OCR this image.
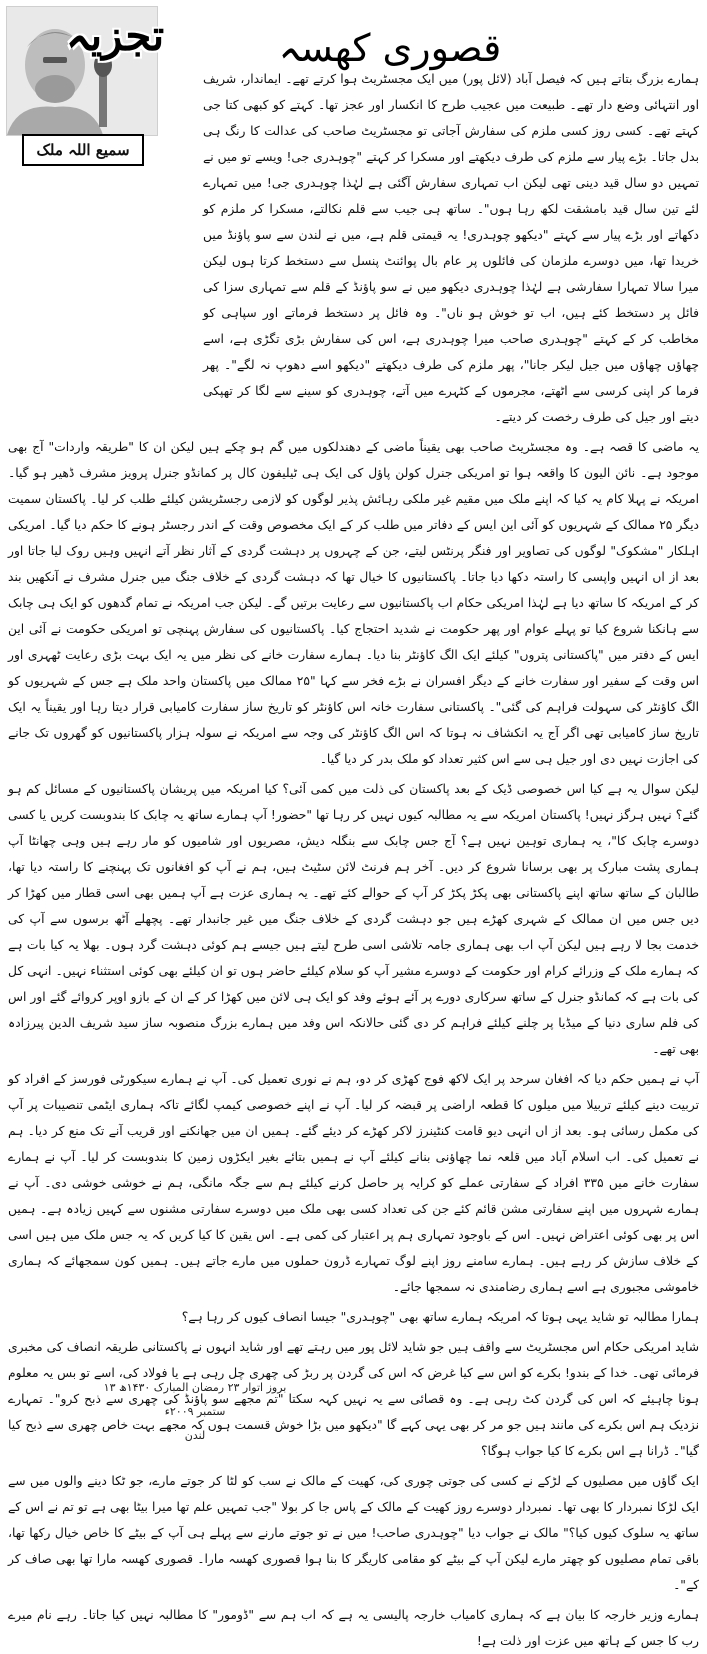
تجزیہ
سمیع اللہ ملک
قصوری کھسہ

ہمارے بزرگ بتاتے ہیں کہ فیصل آباد (لائل پور) میں ایک مجسٹریٹ ہوا کرتے تھے۔ ایماندار، شریف اور انتہائی وضع دار تھے۔ طبیعت میں عجیب طرح کا انکسار اور عجز تھا۔ کہتے کو کبھی کتا جی کہتے تھے۔ کسی روز کسی ملزم کی سفارش آجاتی تو مجسٹریٹ صاحب کی عدالت کا رنگ ہی بدل جاتا۔ بڑے پیار سے ملزم کی طرف دیکھتے اور مسکرا کر کہتے "چوہدری جی! ویسے تو میں نے تمہیں دو سال قید دینی تھی لیکن اب تمہاری سفارش آگئی ہے لہٰذا چوہدری جی! میں تمہارے لئے تین سال قید بامشقت لکھ رہا ہوں"۔ ساتھ ہی جیب سے قلم نکالتے، مسکرا کر ملزم کو دکھاتے اور بڑے پیار سے کہتے "دیکھو چوہدری! یہ قیمتی قلم ہے، میں نے لندن سے سو پاؤنڈ میں خریدا تھا، میں دوسرے ملزمان کی فائلوں پر عام بال پوائنٹ پنسل سے دستخط کرتا ہوں لیکن میرا سالا تمہارا سفارشی ہے لہٰذا چوہدری دیکھو میں نے سو پاؤنڈ کے قلم سے تمہاری سزا کی فائل پر دستخط کئے ہیں، اب تو خوش ہو ناں"۔ وہ فائل پر دستخط فرماتے اور سپاہی کو مخاطب کر کے کہتے "چوہدری صاحب میرا چوہدری ہے، اس کی سفارش بڑی تگڑی ہے، اسے چھاؤں چھاؤں میں جیل لیکر جانا"، پھر ملزم کی طرف دیکھتے "دیکھو اسے دھوپ نہ لگے"۔ پھر فرما کر اپنی کرسی سے اٹھتے، مجرموں کے کٹہرے میں آتے، چوہدری کو سینے سے لگا کر تھپکی دیتے اور جیل کی طرف رخصت کر دیتے۔

یہ ماضی کا قصہ ہے۔ وہ مجسٹریٹ صاحب بھی یقیناً ماضی کے دھندلکوں میں گم ہو چکے ہیں لیکن ان کا "طریقہ واردات" آج بھی موجود ہے۔ نائن الیون کا واقعہ ہوا تو امریکی جنرل کولن پاؤل کی ایک ہی ٹیلیفون کال پر کمانڈو جنرل پرویز مشرف ڈھیر ہو گیا۔ امریکہ نے پہلا کام یہ کیا کہ اپنے ملک میں مقیم غیر ملکی رہائش پذیر لوگوں کو لازمی رجسٹریشن کیلئے طلب کر لیا۔ پاکستان سمیت دیگر ۲۵ ممالک کے شہریوں کو آئی این ایس کے دفاتر میں طلب کر کے ایک مخصوص وقت کے اندر رجسٹر ہونے کا حکم دیا گیا۔ امریکی اہلکار "مشکوک" لوگوں کی تصاویر اور فنگر پرنٹس لیتے، جن کے چہروں پر دہشت گردی کے آثار نظر آتے انہیں وہیں روک لیا جاتا اور بعد از اں انہیں واپسی کا راستہ دکھا دیا جاتا۔ پاکستانیوں کا خیال تھا کہ دہشت گردی کے خلاف جنگ میں جنرل مشرف نے آنکھیں بند کر کے امریکہ کا ساتھ دیا ہے لہٰذا امریکی حکام اب پاکستانیوں سے رعایت برتیں گے۔ لیکن جب امریکہ نے تمام گدھوں کو ایک ہی چابک سے ہانکنا شروع کیا تو پہلے عوام اور پھر حکومت نے شدید احتجاج کیا۔ پاکستانیوں کی سفارش پہنچی تو امریکی حکومت نے آئی این ایس کے دفتر میں "پاکستانی پتروں" کیلئے ایک الگ کاؤنٹر بنا دیا۔ ہمارے سفارت خانے کی نظر میں یہ ایک بہت بڑی رعایت ٹھہری اور اس وقت کے سفیر اور سفارت خانے کے دیگر افسران نے بڑے فخر سے کہا "۲۵ ممالک میں پاکستان واحد ملک ہے جس کے شہریوں کو الگ کاؤنٹر کی سہولت فراہم کی گئی"۔ پاکستانی سفارت خانہ اس کاؤنٹر کو تاریخ ساز سفارت کامیابی قرار دیتا رہا اور یقیناً یہ ایک تاریخ ساز کامیابی تھی اگر آج یہ انکشاف نہ ہوتا کہ اس الگ کاؤنٹر کی وجہ سے امریکہ نے سولہ ہزار پاکستانیوں کو گھروں تک جانے کی اجازت نہیں دی اور جیل ہی سے اس کثیر تعداد کو ملک بدر کر دیا گیا۔

لیکن سوال یہ ہے کیا اس خصوصی ڈیک کے بعد پاکستان کی ذلت میں کمی آئی؟ کیا امریکہ میں پریشان پاکستانیوں کے مسائل کم ہو گئے؟ نہیں ہرگز نہیں! پاکستان امریکہ سے یہ مطالبہ کیوں نہیں کر رہا تھا "حضور! آپ ہمارے ساتھ یہ چابک کا بندوبست کریں یا کسی دوسرے چابک کا"، یہ ہماری توہین نہیں ہے؟ آج جس چابک سے بنگلہ دیش، مصریوں اور شامیوں کو مار رہے ہیں وہی چھانٹا آپ ہماری پشت مبارک پر بھی برسانا شروع کر دیں۔ آخر ہم فرنٹ لائن سٹیٹ ہیں، ہم نے آپ کو افغانوں تک پہنچنے کا راستہ دیا تھا، طالبان کے ساتھ ساتھ اپنے پاکستانی بھی پکڑ پکڑ کر آپ کے حوالے کئے تھے۔ یہ ہماری عزت ہے آپ ہمیں بھی اسی قطار میں کھڑا کر دیں جس میں ان ممالک کے شہری کھڑے ہیں جو دہشت گردی کے خلاف جنگ میں غیر جانبدار تھے۔ پچھلے آٹھ برسوں سے آپ کی خدمت بجا لا رہے ہیں لیکن آپ اب بھی ہماری جامہ تلاشی اسی طرح لیتے ہیں جیسے ہم کوئی دہشت گرد ہوں۔ بھلا یہ کیا بات ہے کہ ہمارے ملک کے وزرائے کرام اور حکومت کے دوسرے مشیر آپ کو سلام کیلئے حاضر ہوں تو ان کیلئے بھی کوئی استثناء نہیں۔ انہی کل کی بات ہے کہ کمانڈو جنرل کے ساتھ سرکاری دورے پر آئے ہوئے وفد کو ایک ہی لائن میں کھڑا کر کے ان کے بازو اوپر کروائے گئے اور اس کی فلم ساری دنیا کے میڈیا پر چلنے کیلئے فراہم کر دی گئی حالانکہ اس وفد میں ہمارے بزرگ منصوبہ ساز سید شریف الدین پیرزادہ بھی تھے۔

آپ نے ہمیں حکم دیا کہ افغان سرحد پر ایک لاکھ فوج کھڑی کر دو، ہم نے نوری تعمیل کی۔ آپ نے ہمارے سیکورٹی فورسز کے افراد کو تربیت دینے کیلئے تربیلا میں میلوں کا قطعہ اراضی پر قبضہ کر لیا۔ آپ نے اپنے خصوصی کیمپ لگائے تاکہ ہماری ایٹمی تنصیبات پر آپ کی مکمل رسائی ہو۔ بعد از اں انہی دیو قامت کنٹینرز لاکر کھڑے کر دیئے گئے۔ ہمیں ان میں جھانکنے اور قریب آنے تک منع کر دیا۔ ہم نے تعمیل کی۔ اب اسلام آباد میں قلعہ نما چھاؤنی بنانے کیلئے آپ نے ہمیں بتائے بغیر ایکڑوں زمین کا بندوبست کر لیا۔ آپ نے ہمارے سفارت خانے میں ۳۳۵ افراد کے سفارتی عملے کو کرایہ پر حاصل کرنے کیلئے ہم سے جگہ مانگی، ہم نے خوشی خوشی دی۔ آپ نے ہمارے شہروں میں اپنے سفارتی مشن قائم کئے جن کی تعداد کسی بھی ملک میں دوسرے سفارتی مشنوں سے کہیں زیادہ ہے۔ ہمیں اس پر بھی کوئی اعتراض نہیں۔ اس کے باوجود تمہاری ہم پر اعتبار کی کمی ہے۔ اس یقین کا کیا کریں کہ یہ جس ملک میں ہیں اسی کے خلاف سازش کر رہے ہیں۔ ہمارے سامنے روز اپنے لوگ تمہارے ڈرون حملوں میں مارے جاتے ہیں۔ ہمیں کون سمجھائے کہ ہماری خاموشی مجبوری ہے اسے ہماری رضامندی نہ سمجھا جائے۔

ہمارا مطالبہ تو شاید یہی ہوتا کہ امریکہ ہمارے ساتھ بھی "چوہدری" جیسا انصاف کیوں کر رہا ہے؟

شاید امریکی حکام اس مجسٹریٹ سے واقف ہیں جو شاید لائل پور میں رہتے تھے اور شاید انہوں نے پاکستانی طریقہ انصاف کی مخبری فرمائی تھی۔ خدا کے بندو! بکرے کو اس سے کیا غرض کہ اس کی گردن پر ربڑ کی چھری چل رہی ہے یا فولاد کی، اسے تو بس یہ معلوم ہونا چاہیئے کہ اس کی گردن کٹ رہی ہے۔ وہ قصائی سے یہ نہیں کہہ سکتا "تم مجھے سو پاؤنڈ کی چھری سے ذبح کرو"۔ تمہارے نزدیک ہم اس بکرے کی مانند ہیں جو مر کر بھی یہی کہے گا "دیکھو میں بڑا خوش قسمت ہوں کہ مجھے بہت خاص چھری سے ذبح کیا گیا"۔ ڈرانا ہے اس بکرے کا کیا جواب ہوگا؟

ایک گاؤں میں مصلیوں کے لڑکے نے کسی کی جوتی چوری کی، کھیت کے مالک نے سب کو لٹا کر جوتے مارے، جو ٹکا دینے والوں میں سے ایک لڑکا نمبردار کا بھی تھا۔ نمبردار دوسرے روز کھیت کے مالک کے پاس جا کر بولا "جب تمہیں علم تھا میرا بیٹا بھی ہے تو تم نے اس کے ساتھ یہ سلوک کیوں کیا؟" مالک نے جواب دیا "چوہدری صاحب! میں نے تو جوتے مارنے سے پہلے ہی آپ کے بیٹے کا خاص خیال رکھا تھا، باقی تمام مصلیوں کو چھتر مارے لیکن آپ کے بیٹے کو مقامی کاریگر کا بنا ہوا قصوری کھسہ مارا۔ قصوری کھسہ مارا تھا بھی صاف کر کے"۔

ہمارے وزیر خارجہ کا بیان ہے کہ ہماری کامیاب خارجہ پالیسی یہ ہے کہ اب ہم سے "ڈومور" کا مطالبہ نہیں کیا جاتا۔ رہے نام میرے رب کا جس کے ہاتھ میں عزت اور ذلت ہے!

بروز اتوار ۲۳ رمضان المبارک ۱۴۳۰ھ ۱۳ ستمبر ۲۰۰۹ء
لندن
